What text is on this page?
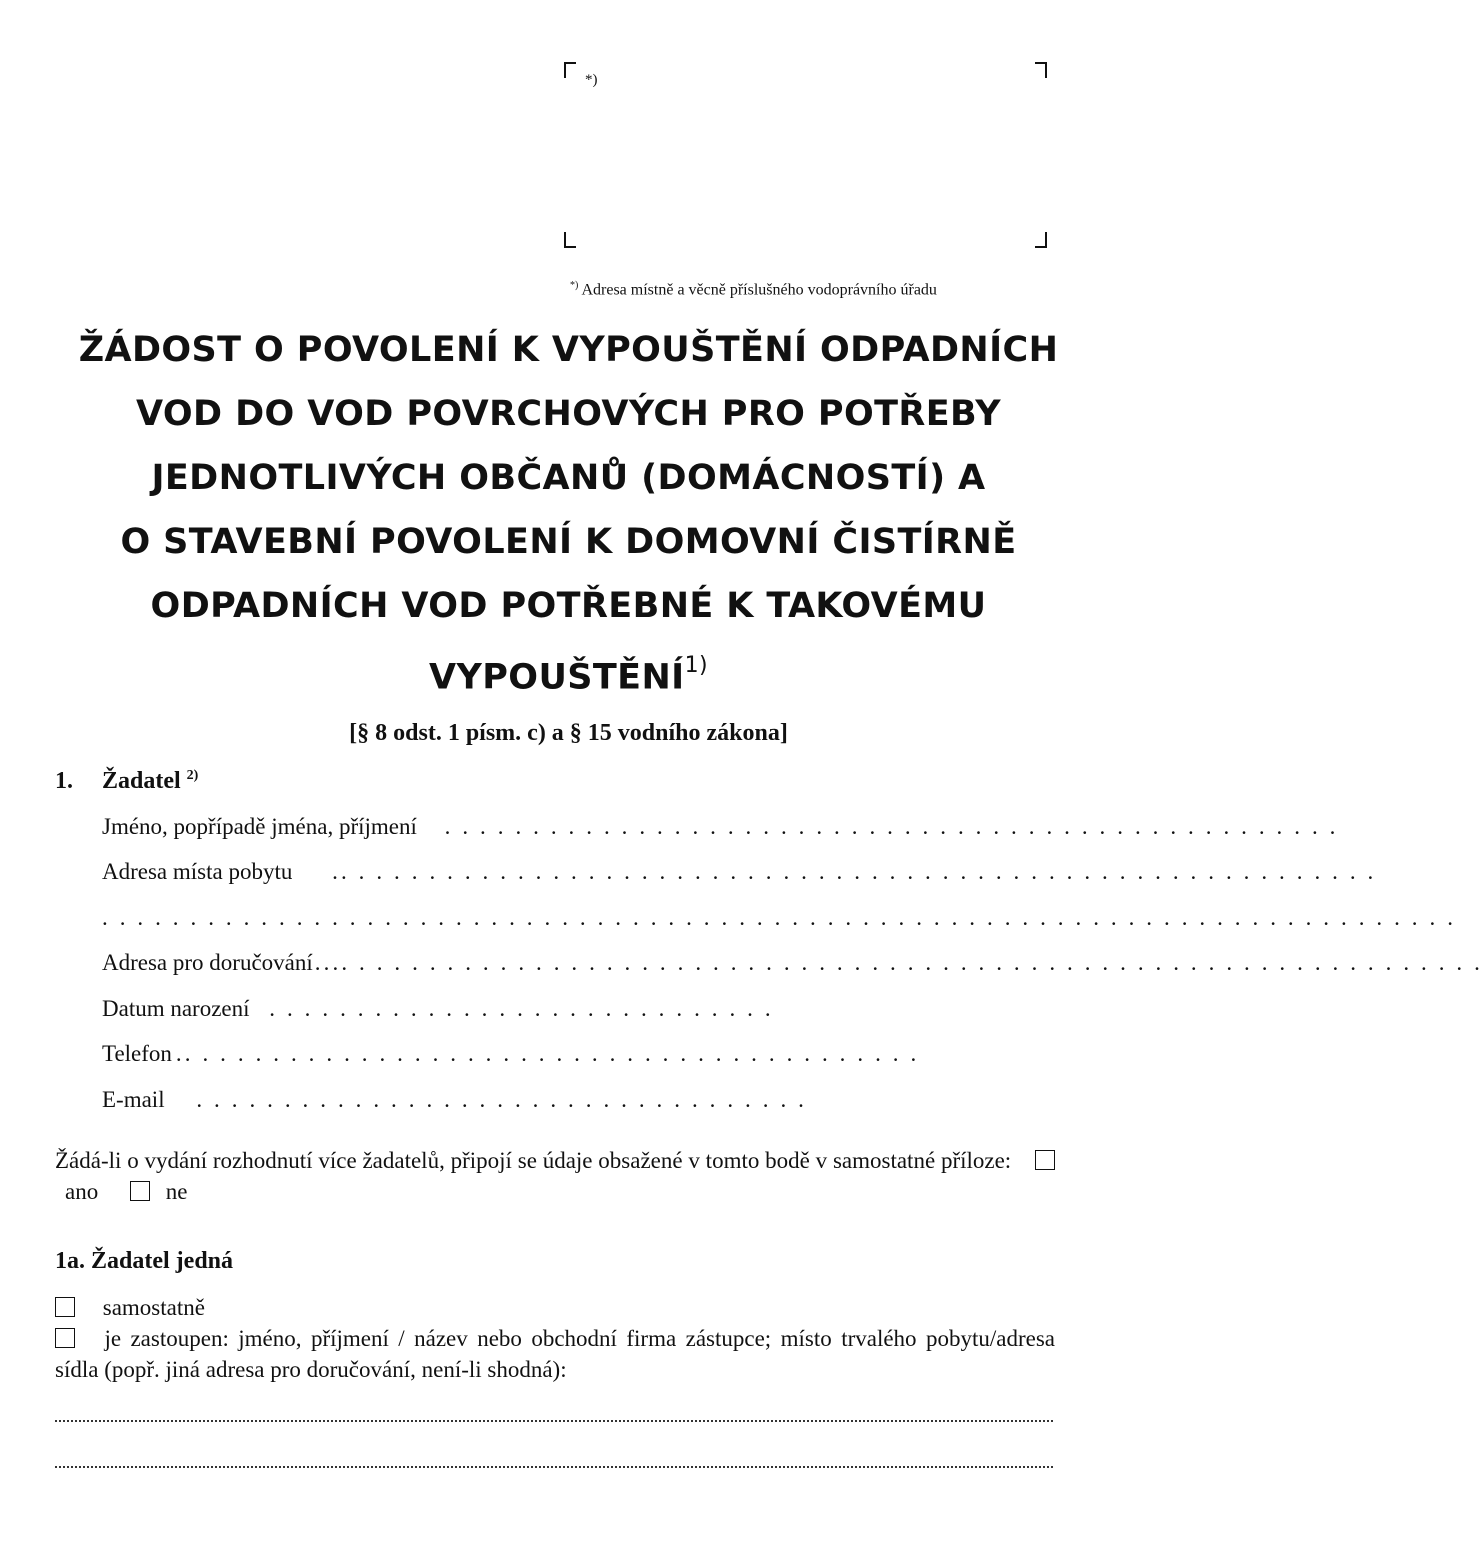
*)
*) Adresa místně a věcně příslušného vodoprávního úřadu
ŽÁDOST O POVOLENÍ K VYPOUŠTĚNÍ ODPADNÍCH
VOD DO VOD POVRCHOVÝCH PRO POTŘEBY
JEDNOTLIVÝCH OBČANŮ (DOMÁCNOSTÍ) A
O STAVEBNÍ POVOLENÍ K DOMOVNÍ ČISTÍRNĚ
ODPADNÍCH VOD POTŘEBNÉ K TAKOVÉMU
VYPOUŠTĚNÍ$^{1)}$
[§ 8 odst. 1 písm. c) a § 15 vodního zákona]
1. Žadatel $^{2)}$
Jméno, popřípadě jména, příjmení . . . . . . . . . . . . . . . . . . . . . . . . . . . . . . . . . . . . . . . . . . . . . . . . . . .
Adresa místa pobytu .. . . . . . . . . . . . . . . . . . . . . . . . . . . . . . . . . . . . . . . . . . . . . . . . . . . . . . . . . . .
. . . . . . . . . . . . . . . . . . . . . . . . . . . . . . . . . . . . . . . . . . . . . . . . . . . . . . . . . . . . . . . . . . . . . . . . . . . . .
Adresa pro doručování.... . . . . . . . . . . . . . . . . . . . . . . . . . . . . . . . . . . . . . . . . . . . . . . . . . . . . . . . . . . . . . . . .
Datum narození . . . . . . . . . . . . . . . . . . . . . . . . . . . . .
Telefon .. . . . . . . . . . . . . . . . . . . . . . . . . . . . . . . . . . . . . . . . . .
E-mail . . . . . . . . . . . . . . . . . . . . . . . . . . . . . . . . . . .
Žádá-li o vydání rozhodnutí více žadatelů, připojí se údaje obsažené v tomto bodě v samostatné příloze:  ano	ne
1a. Žadatel jedná
samostatně
je zastoupen: jméno, příjmení / název nebo obchodní firma zástupce; místo trvalého pobytu/adresa sídla (popř. jiná adresa pro doručování, není-li shodná):
